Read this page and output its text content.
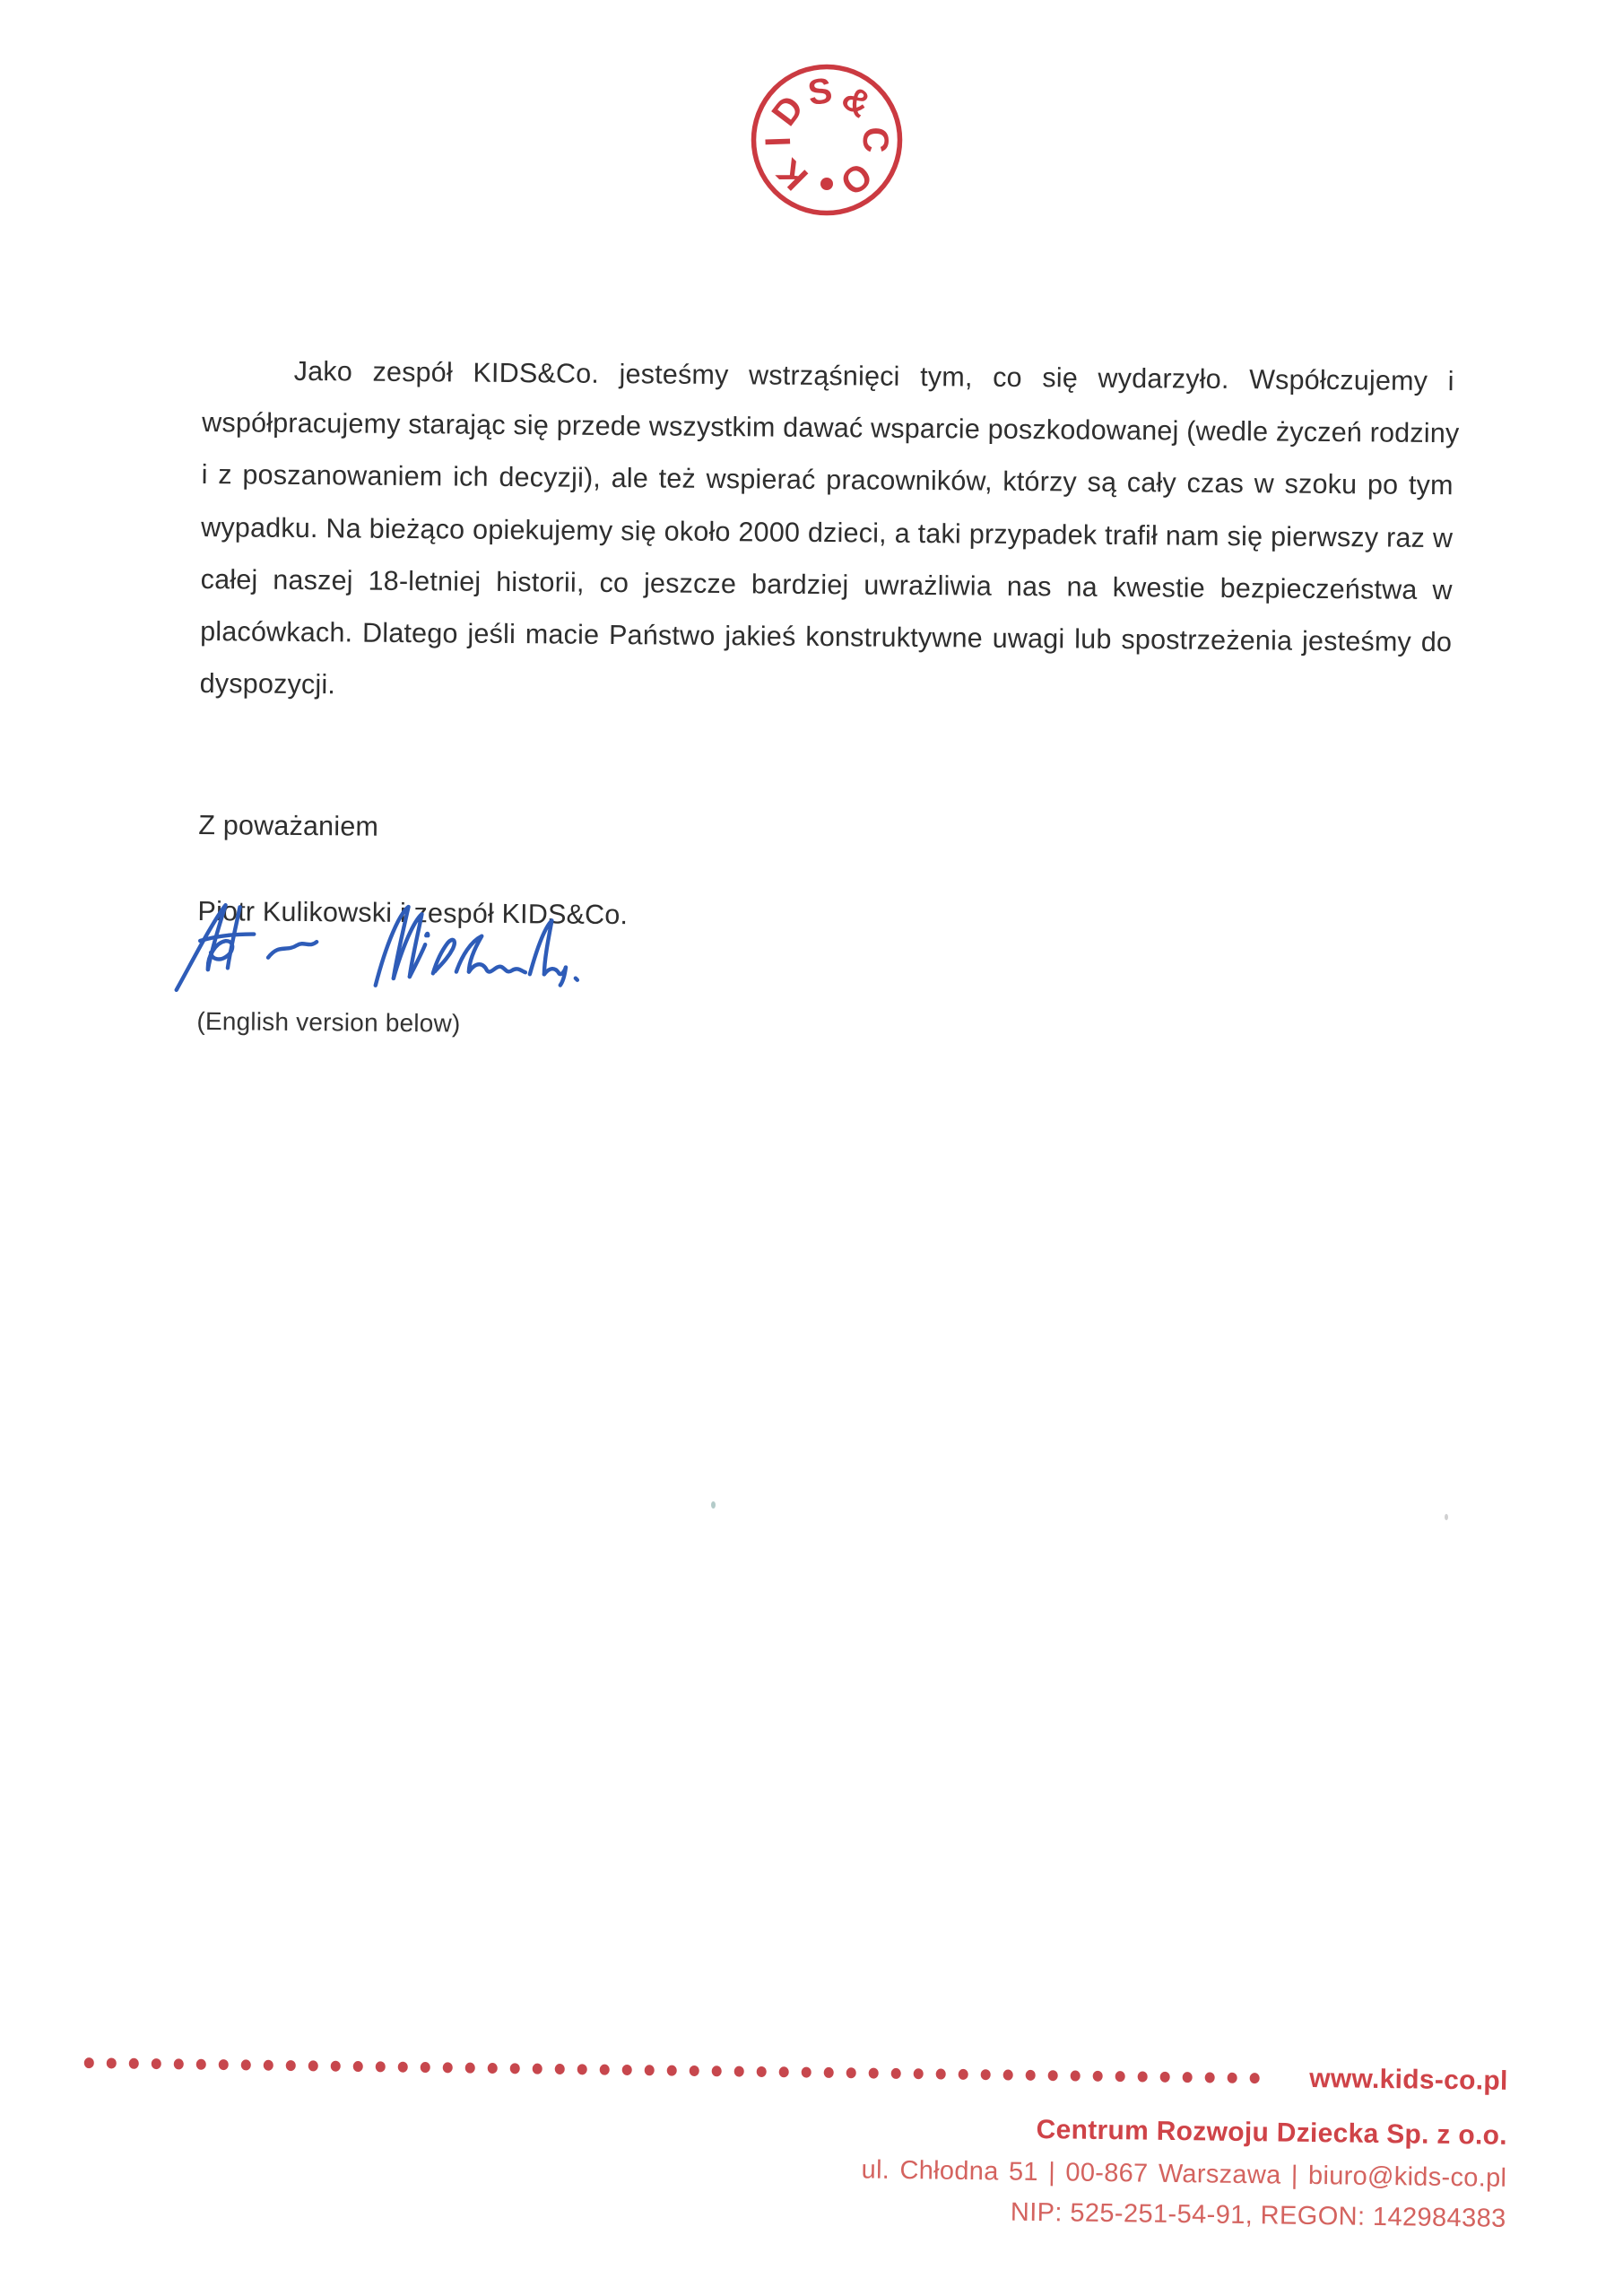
K
I
D
S &
C
O
Jako zespół KIDS&Co. jesteśmy wstrząśnięci tym, co się wydarzyło. Współczujemy i
współpracujemy starając się przede wszystkim dawać wsparcie poszkodowanej (wedle życzeń rodziny
i z poszanowaniem ich decyzji), ale też wspierać pracowników, którzy są cały czas w szoku po tym
wypadku. Na bieżąco opiekujemy się około 2000 dzieci, a taki przypadek trafił nam się pierwszy raz w
całej naszej 18-letniej historii, co jeszcze bardziej uwrażliwia nas na kwestie bezpieczeństwa w
placówkach. Dlatego jeśli macie Państwo jakieś konstruktywne uwagi lub spostrzeżenia jesteśmy do
dyspozycji.
Z poważaniem
Piotr Kulikowski i zespół KIDS&Co.
(English version below)
www.kids-co.pl
Centrum Rozwoju Dziecka Sp. z o.o.
ul. Chłodna 51 | 00-867 Warszawa | biuro@kids-co.pl
NIP: 525-251-54-91, REGON: 142984383
